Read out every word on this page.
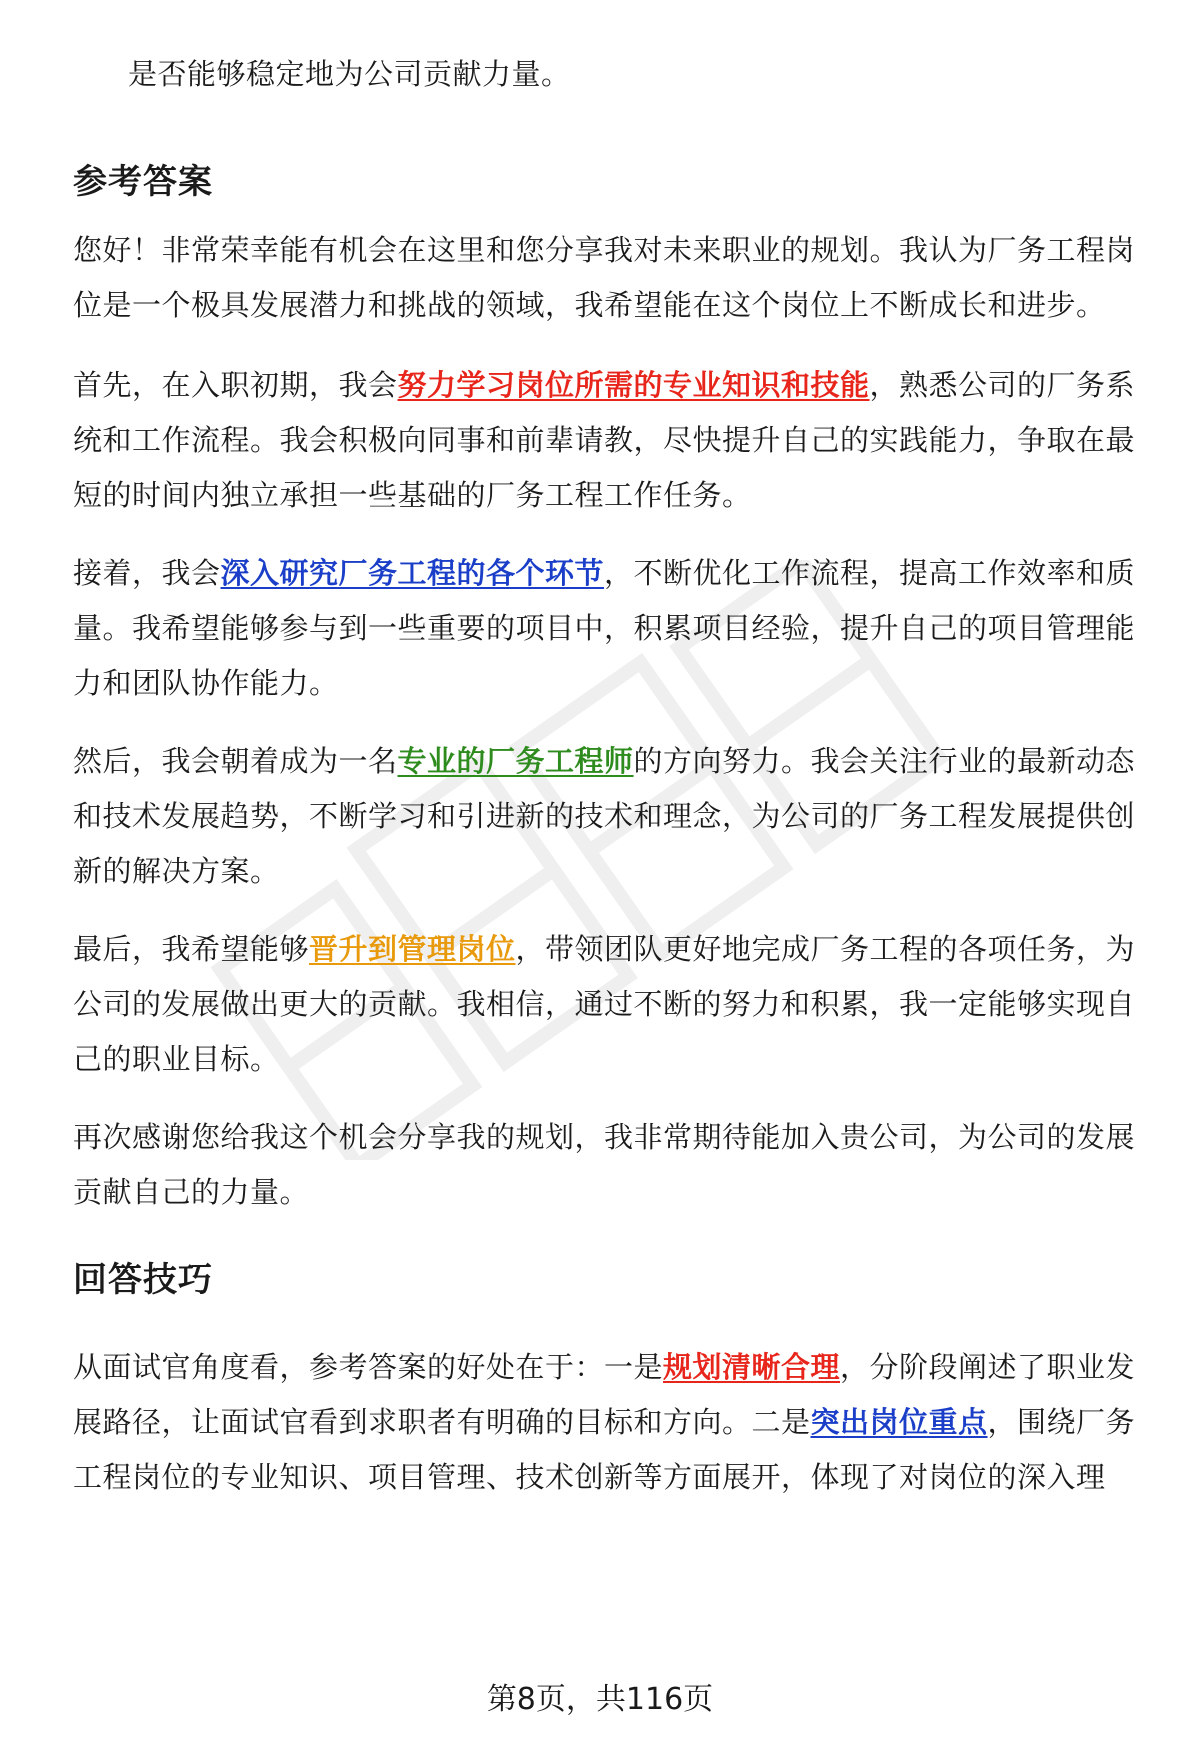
是否能够稳定地为公司贡献力量。
参考答案
您好！非常荣幸能有机会在这里和您分享我对未来职业的规划。我认为厂务工程岗
位是一个极具发展潜力和挑战的领域，我希望能在这个岗位上不断成长和进步。
首先，在入职初期，我会努力学习岗位所需的专业知识和技能，熟悉公司的厂务系
统和工作流程。我会积极向同事和前辈请教，尽快提升自己的实践能力，争取在最
短的时间内独立承担一些基础的厂务工程工作任务。
接着，我会深入研究厂务工程的各个环节，不断优化工作流程，提高工作效率和质
量。我希望能够参与到一些重要的项目中，积累项目经验，提升自己的项目管理能
力和团队协作能力。
然后，我会朝着成为一名专业的厂务工程师的方向努力。我会关注行业的最新动态
和技术发展趋势，不断学习和引进新的技术和理念，为公司的厂务工程发展提供创
新的解决方案。
最后，我希望能够晋升到管理岗位，带领团队更好地完成厂务工程的各项任务，为
公司的发展做出更大的贡献。我相信，通过不断的努力和积累，我一定能够实现自
己的职业目标。
再次感谢您给我这个机会分享我的规划，我非常期待能加入贵公司，为公司的发展
贡献自己的力量。
回答技巧
从面试官角度看，参考答案的好处在于：一是规划清晰合理，分阶段阐述了职业发
展路径，让面试官看到求职者有明确的目标和方向。二是突出岗位重点，围绕厂务
工程岗位的专业知识、项目管理、技术创新等方面展开，体现了对岗位的深入理
第8页，共116页
